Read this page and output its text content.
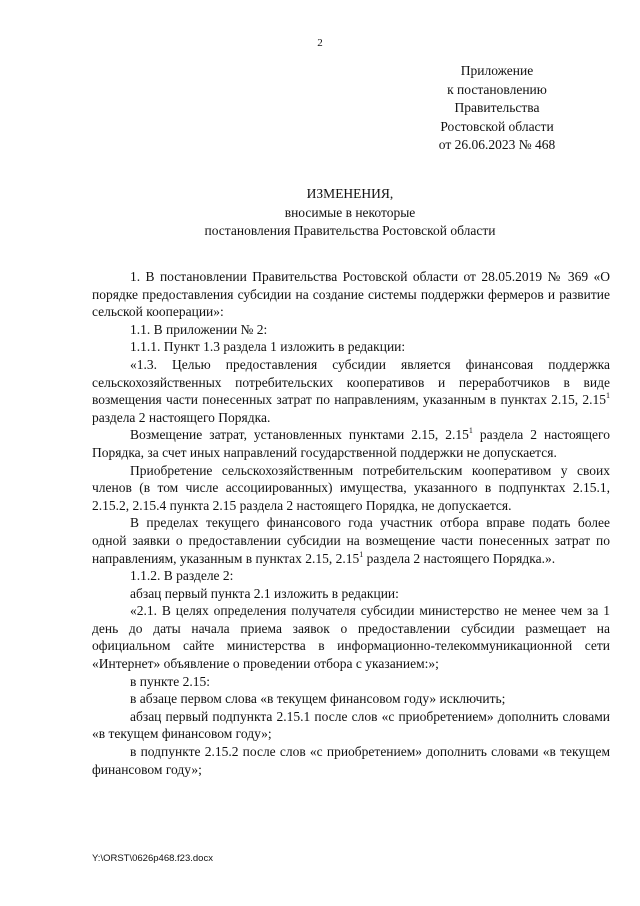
2
Приложение
к постановлению
Правительства
Ростовской области
от 26.06.2023 № 468
ИЗМЕНЕНИЯ,
вносимые в некоторые
постановления Правительства Ростовской области

1. В постановлении Правительства Ростовской области от 28.05.2019 № 369 «О порядке предоставления субсидии на создание системы поддержки фермеров и развитие сельской кооперации»:

1.1. В приложении № 2:

1.1.1. Пункт 1.3 раздела 1 изложить в редакции:

«1.3. Целью предоставления субсидии является финансовая поддержка сельскохозяйственных потребительских кооперативов и переработчиков в виде возмещения части понесенных затрат по направлениям, указанным в пунктах 2.15, 2.15$^1$ раздела 2 настоящего Порядка.

Возмещение затрат, установленных пунктами 2.15, 2.15$^1$ раздела 2 настоящего Порядка, за счет иных направлений государственной поддержки не допускается.

Приобретение сельскохозяйственным потребительским кооперативом у своих членов (в том числе ассоциированных) имущества, указанного в подпунктах 2.15.1, 2.15.2, 2.15.4 пункта 2.15 раздела 2 настоящего Порядка, не допускается.

В пределах текущего финансового года участник отбора вправе подать более одной заявки о предоставлении субсидии на возмещение части понесенных затрат по направлениям, указанным в пунктах 2.15, 2.15$^1$ раздела 2 настоящего Порядка.».

1.1.2. В разделе 2:

абзац первый пункта 2.1 изложить в редакции:

«2.1. В целях определения получателя субсидии министерство не менее чем за 1 день до даты начала приема заявок о предоставлении субсидии размещает на официальном сайте министерства в информационно-телекоммуникационной сети «Интернет» объявление о проведении отбора с указанием:»;

в пункте 2.15:

в абзаце первом слова «в текущем финансовом году» исключить;

абзац первый подпункта 2.15.1 после слов «с приобретением» дополнить словами «в текущем финансовом году»;

в подпункте 2.15.2 после слов «с приобретением» дополнить словами «в текущем финансовом году»;

Y:\ORST\0626p468.f23.docx
